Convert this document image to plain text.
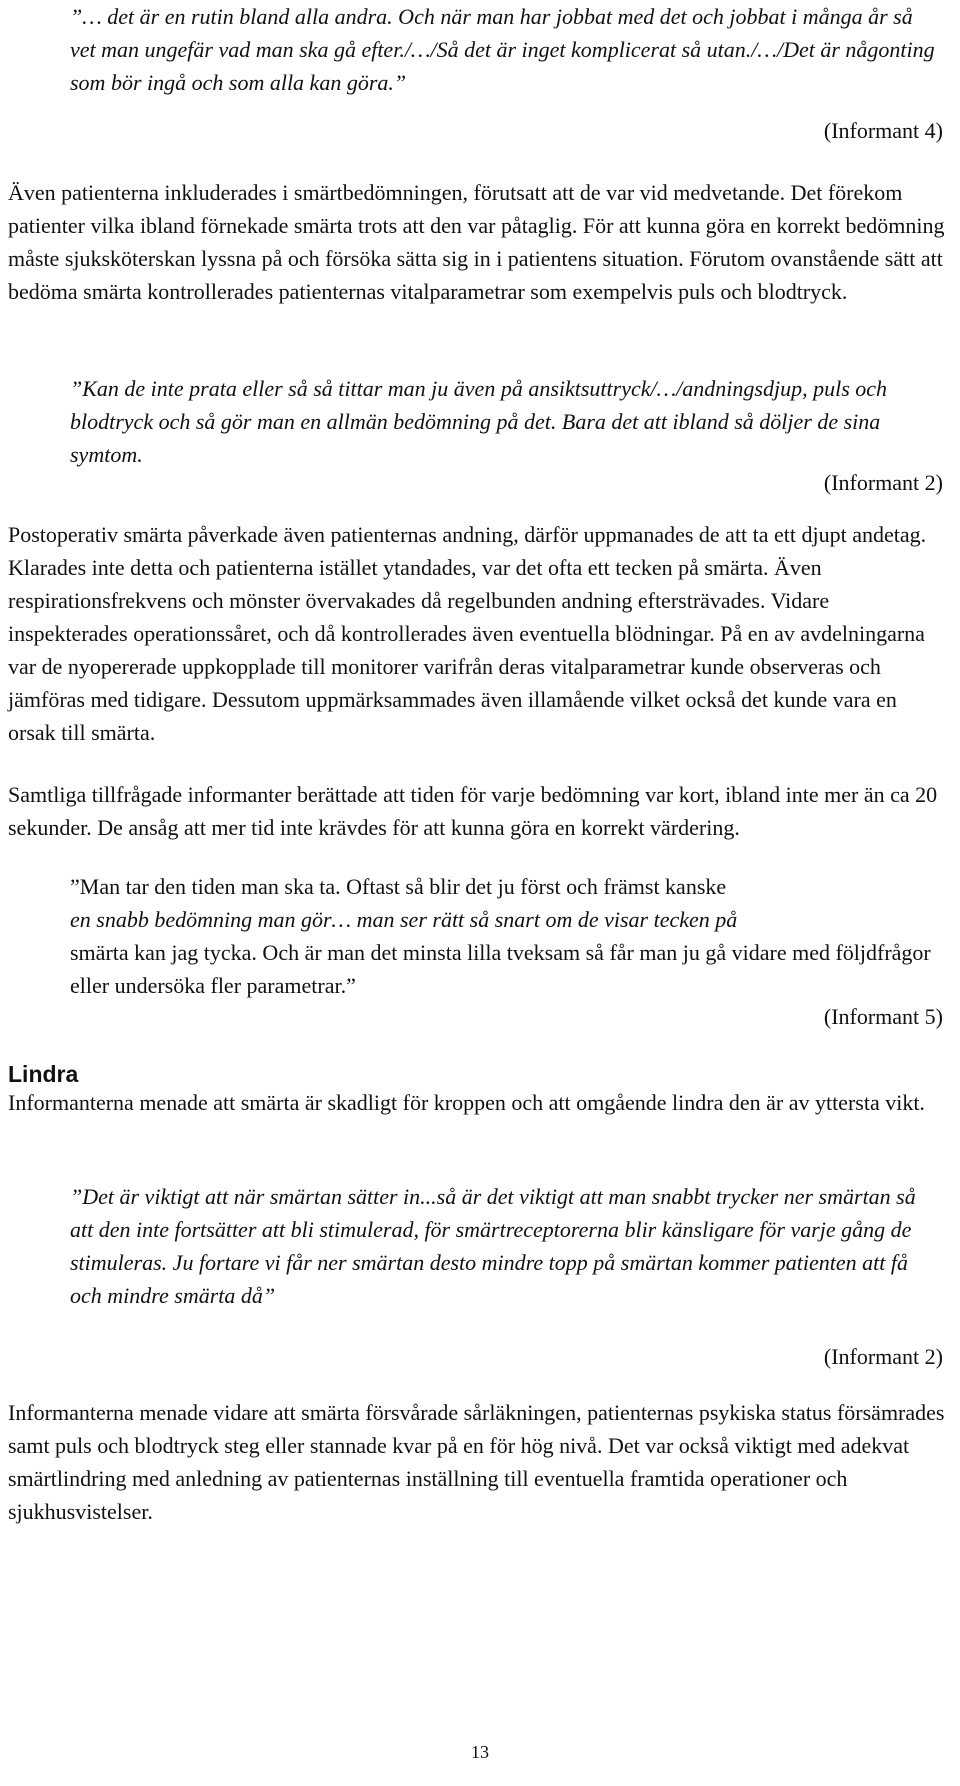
”… det är en rutin bland alla andra. Och när man har jobbat med det och jobbat i många år så vet man ungefär vad man ska gå efter./…/Så det är inget komplicerat så utan./…/Det är någonting som bör ingå och som alla kan göra.”

(Informant 4)

Även patienterna inkluderades i smärtbedömningen, förutsatt att de var vid medvetande. Det förekom patienter vilka ibland förnekade smärta trots att den var påtaglig. För att kunna göra en korrekt bedömning måste sjuksköterskan lyssna på och försöka sätta sig in i patientens situation. Förutom ovanstående sätt att bedöma smärta kontrollerades patienternas vitalparametrar som exempelvis puls och blodtryck.

”Kan de inte prata eller så så tittar man ju även på ansiktsuttryck/…/andningsdjup, puls och blodtryck och så gör man en allmän bedömning på det. Bara det att ibland så döljer de sina symtom.

(Informant 2)

Postoperativ smärta påverkade även patienternas andning, därför uppmanades de att ta ett djupt andetag. Klarades inte detta och patienterna istället ytandades, var det ofta ett tecken på smärta. Även respirationsfrekvens och mönster övervakades då regelbunden andning eftersträvades. Vidare inspekterades operationssåret, och då kontrollerades även eventuella blödningar. På en av avdelningarna var de nyopererade uppkopplade till monitorer varifrån deras vitalparametrar kunde observeras och jämföras med tidigare. Dessutom uppmärksammades även illamående vilket också det kunde vara en orsak till smärta.

Samtliga tillfrågade informanter berättade att tiden för varje bedömning var kort, ibland inte mer än ca 20 sekunder. De ansåg att mer tid inte krävdes för att kunna göra en korrekt värdering.

”Man tar den tiden man ska ta. Oftast så blir det ju först och främst kanske
en snabb bedömning man gör… man ser rätt så snart om de visar tecken på
smärta kan jag tycka. Och är man det minsta lilla tveksam så får man ju gå vidare med följdfrågor eller undersöka fler parametrar.”

(Informant 5)

Lindra

Informanterna menade att smärta är skadligt för kroppen och att omgående lindra den är av yttersta vikt.

”Det är viktigt att när smärtan sätter in...så är det viktigt att man snabbt trycker ner smärtan så att den inte fortsätter att bli stimulerad, för smärtreceptorerna blir känsligare för varje gång de stimuleras. Ju fortare vi får ner smärtan desto mindre topp på smärtan kommer patienten att få och mindre smärta då”

(Informant 2)

Informanterna menade vidare att smärta försvårade sårläkningen, patienternas psykiska status försämrades samt puls och blodtryck steg eller stannade kvar på en för hög nivå. Det var också viktigt med adekvat smärtlindring med anledning av patienternas inställning till eventuella framtida operationer och sjukhusvistelser.

13
